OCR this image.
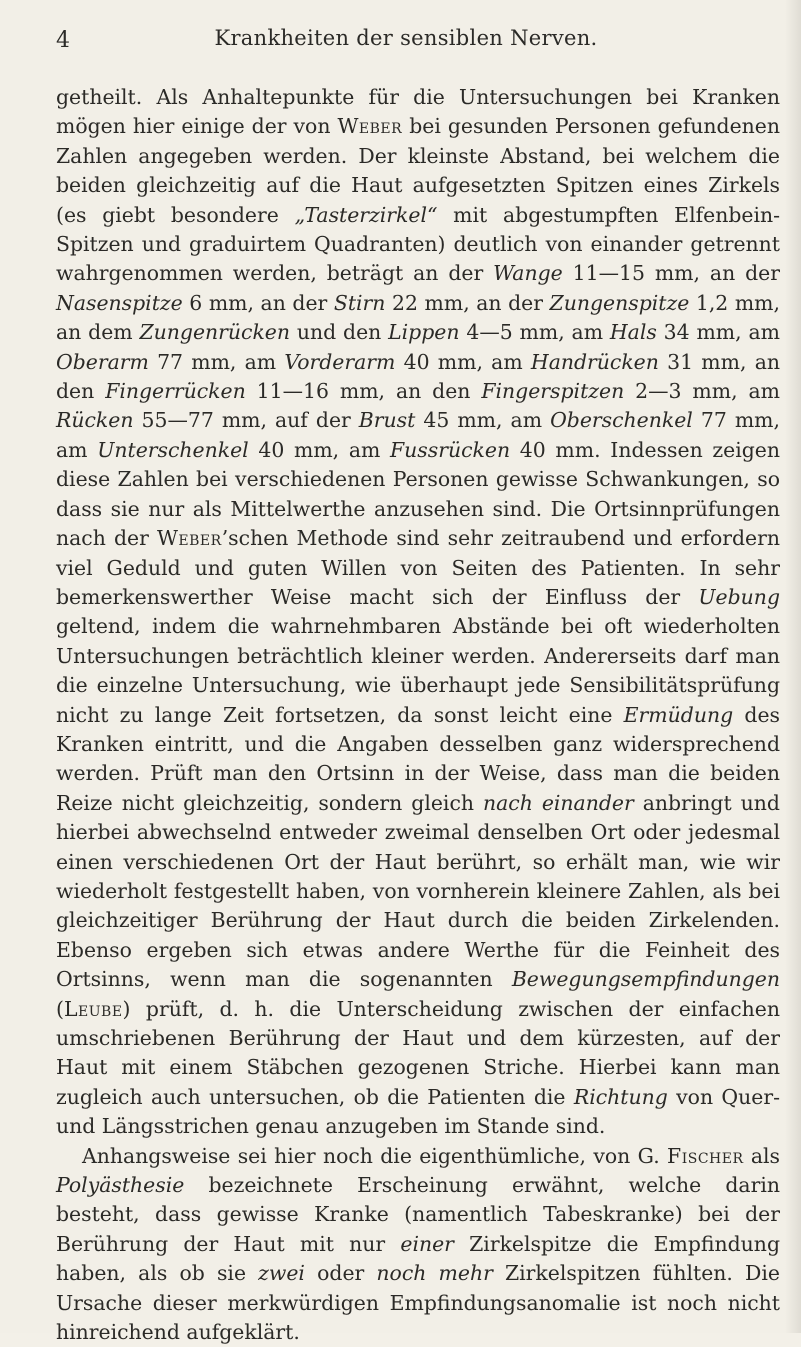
4	Krankheiten der sensiblen Nerven.

getheilt. Als Anhaltepunkte für die Untersuchungen bei Kranken mögen hier einige der von Weber bei gesunden Personen gefundenen Zahlen angegeben werden. Der kleinste Abstand, bei welchem die beiden gleichzeitig auf die Haut aufgesetzten Spitzen eines Zirkels (es giebt besondere „Tasterzirkel“ mit abgestumpften Elfenbein-Spitzen und graduirtem Quadranten) deutlich von einander getrennt wahrgenommen werden, beträgt an der Wange 11—15 mm, an der Nasenspitze 6 mm, an der Stirn 22 mm, an der Zungenspitze 1,2 mm, an dem Zungenrücken und den Lippen 4—5 mm, am Hals 34 mm, am Oberarm 77 mm, am Vorderarm 40 mm, am Handrücken 31 mm, an den Fingerrücken 11—16 mm, an den Fingerspitzen 2—3 mm, am Rücken 55—77 mm, auf der Brust 45 mm, am Oberschenkel 77 mm, am Unterschenkel 40 mm, am Fussrücken 40 mm. Indessen zeigen diese Zahlen bei verschiedenen Personen gewisse Schwankungen, so dass sie nur als Mittelwerthe anzusehen sind. Die Ortsinnprüfungen nach der Weber’schen Methode sind sehr zeitraubend und erfordern viel Geduld und guten Willen von Seiten des Patienten. In sehr bemerkenswerther Weise macht sich der Einfluss der Uebung geltend, indem die wahrnehmbaren Abstände bei oft wiederholten Untersuchungen beträchtlich kleiner werden. Andererseits darf man die einzelne Untersuchung, wie überhaupt jede Sensibilitätsprüfung nicht zu lange Zeit fortsetzen, da sonst leicht eine Ermüdung des Kranken eintritt, und die Angaben desselben ganz widersprechend werden. Prüft man den Ortsinn in der Weise, dass man die beiden Reize nicht gleichzeitig, sondern gleich nach einander anbringt und hierbei abwechselnd entweder zweimal denselben Ort oder jedesmal einen verschiedenen Ort der Haut berührt, so erhält man, wie wir wiederholt festgestellt haben, von vornherein kleinere Zahlen, als bei gleichzeitiger Berührung der Haut durch die beiden Zirkelenden. Ebenso ergeben sich etwas andere Werthe für die Feinheit des Ortsinns, wenn man die sogenannten Bewegungsempfindungen (Leube) prüft, d. h. die Unterscheidung zwischen der einfachen umschriebenen Berührung der Haut und dem kürzesten, auf der Haut mit einem Stäbchen gezogenen Striche. Hierbei kann man zugleich auch untersuchen, ob die Patienten die Richtung von Quer- und Längsstrichen genau anzugeben im Stande sind.

Anhangsweise sei hier noch die eigenthümliche, von G. Fischer als Polyästhesie bezeichnete Erscheinung erwähnt, welche darin besteht, dass gewisse Kranke (namentlich Tabeskranke) bei der Berührung der Haut mit nur einer Zirkelspitze die Empfindung haben, als ob sie zwei oder noch mehr Zirkelspitzen fühlten. Die Ursache dieser merkwürdigen Empfindungsanomalie ist noch nicht hinreichend aufgeklärt.
